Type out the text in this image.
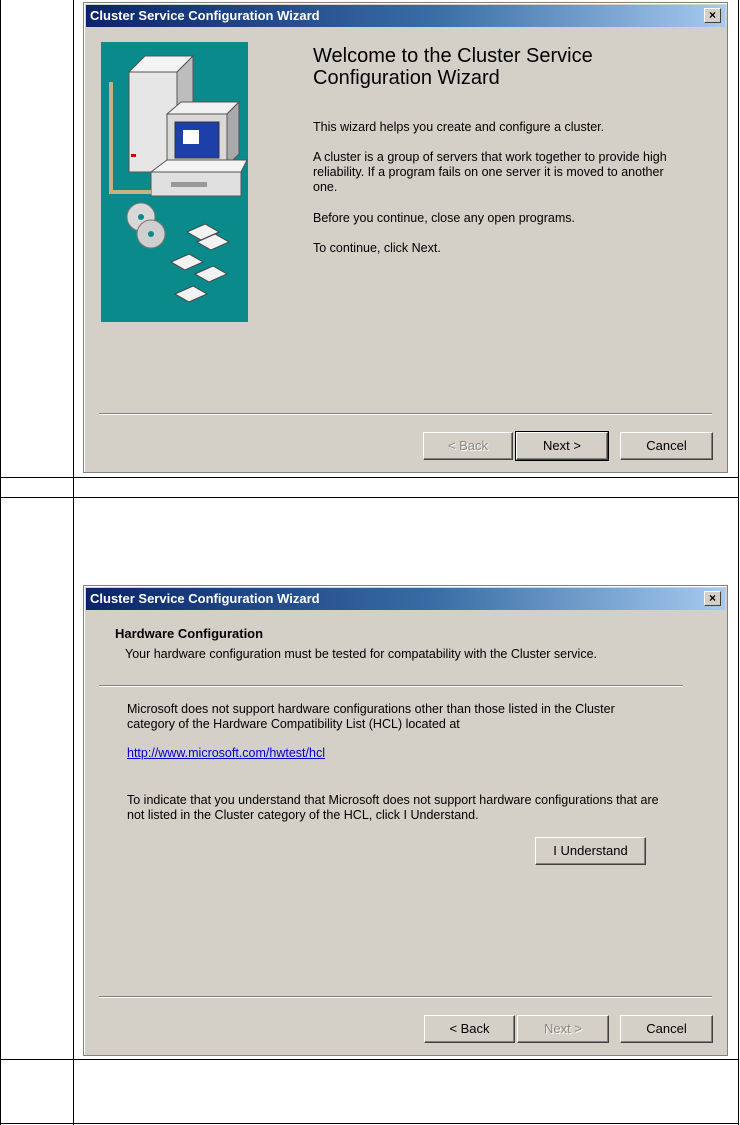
Cluster Service Configuration Wizard	×
Welcome to the Cluster Service Configuration Wizard
This wizard helps you create and configure a cluster.
A cluster is a group of servers that work together to provide high reliability. If a program fails on one server it is moved to another one.
Before you continue, close any open programs.
To continue, click Next.
< Back	Next >	Cancel
Cluster Service Configuration Wizard	×
Hardware Configuration
Your hardware configuration must be tested for compatability with the Cluster service.
Microsoft does not support hardware configurations other than those listed in the Cluster category of the Hardware Compatibility List (HCL) located at
http://www.microsoft.com/hwtest/hcl
To indicate that you understand that Microsoft does not support hardware configurations that are not listed in the Cluster category of the HCL, click I Understand.
I Understand
< Back	Next >	Cancel
